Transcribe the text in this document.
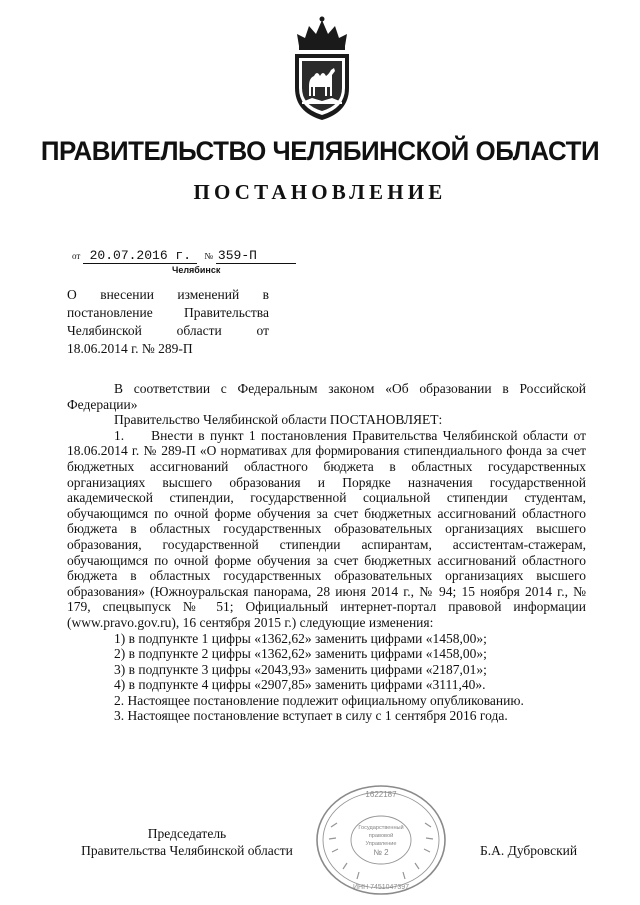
ПРАВИТЕЛЬСТВО ЧЕЛЯБИНСКОЙ ОБЛАСТИ
ПОСТАНОВЛЕНИЕ
от 20.07.2016 г. № 359-П
Челябинск
О внесении изменений в постановление Правительства Челябинской области от 18.06.2014 г. № 289-П

В соответствии с Федеральным законом «Об образовании в Российской Федерации»

Правительство Челябинской области ПОСТАНОВЛЯЕТ:

1.     Внести в пункт 1 постановления Правительства Челябинской области от 18.06.2014 г. № 289-П «О нормативах для формирования стипендиального фонда за счет бюджетных ассигнований областного бюджета в областных государственных организациях высшего образования и Порядке назначения государственной академической стипендии, государственной социальной стипендии студентам, обучающимся по очной форме обучения за счет бюджетных ассигнований областного бюджета в областных государственных образовательных организациях высшего образования, государственной стипендии аспирантам, ассистентам-стажерам, обучающимся по очной форме обучения за счет бюджетных ассигнований областного бюджета в областных государственных образовательных организациях высшего образования» (Южноуральская панорама, 28 июня 2014 г., № 94; 15 ноября 2014 г., № 179, спецвыпуск № 51; Официальный интернет-портал правовой информации (www.pravo.gov.ru), 16 сентября 2015 г.) следующие изменения:

1) в подпункте 1 цифры «1362,62» заменить цифрами «1458,00»;

2) в подпункте 2 цифры «1362,62» заменить цифрами «1458,00»;

3) в подпункте 3 цифры «2043,93» заменить цифрами «2187,01»;

4) в подпункте 4 цифры «2907,85» заменить цифрами «3111,40».

2. Настоящее постановление подлежит официальному опубликованию.

3. Настоящее постановление вступает в силу с 1 сентября 2016 года.

1622187
Государственный
правовой
Управление
№ 2
ИНН 7451047397
Председатель
Правительства Челябинской области	Б.А. Дубровский
